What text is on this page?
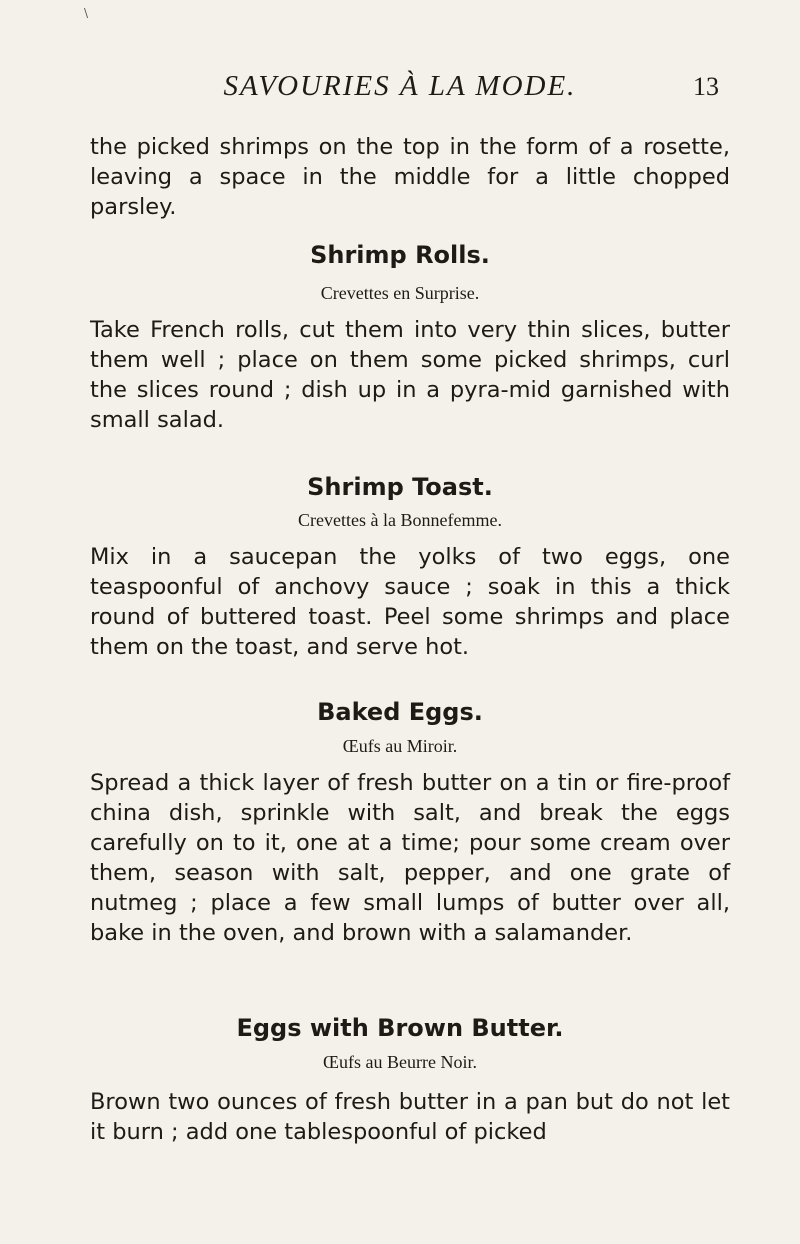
\
SAVOURIES À LA MODE.	13

the picked shrimps on the top in the form of a rosette, leaving a space in the middle for a little chopped parsley.

Shrimp Rolls.
Crevettes en Surprise.

Take French rolls, cut them into very thin slices, butter them well ; place on them some picked shrimps, curl the slices round ; dish up in a pyra-mid garnished with small salad.

Shrimp Toast.
Crevettes à la Bonnefemme.

Mix in a saucepan the yolks of two eggs, one teaspoonful of anchovy sauce ; soak in this a thick round of buttered toast. Peel some shrimps and place them on the toast, and serve hot.

Baked Eggs.
Œufs au Miroir.

Spread a thick layer of fresh butter on a tin or fire-proof china dish, sprinkle with salt, and break the eggs carefully on to it, one at a time; pour some cream over them, season with salt, pepper, and one grate of nutmeg ; place a few small lumps of butter over all, bake in the oven, and brown with a salamander.

Eggs with Brown Butter.
Œufs au Beurre Noir.

Brown two ounces of fresh butter in a pan but do not let it burn ; add one tablespoonful of picked
